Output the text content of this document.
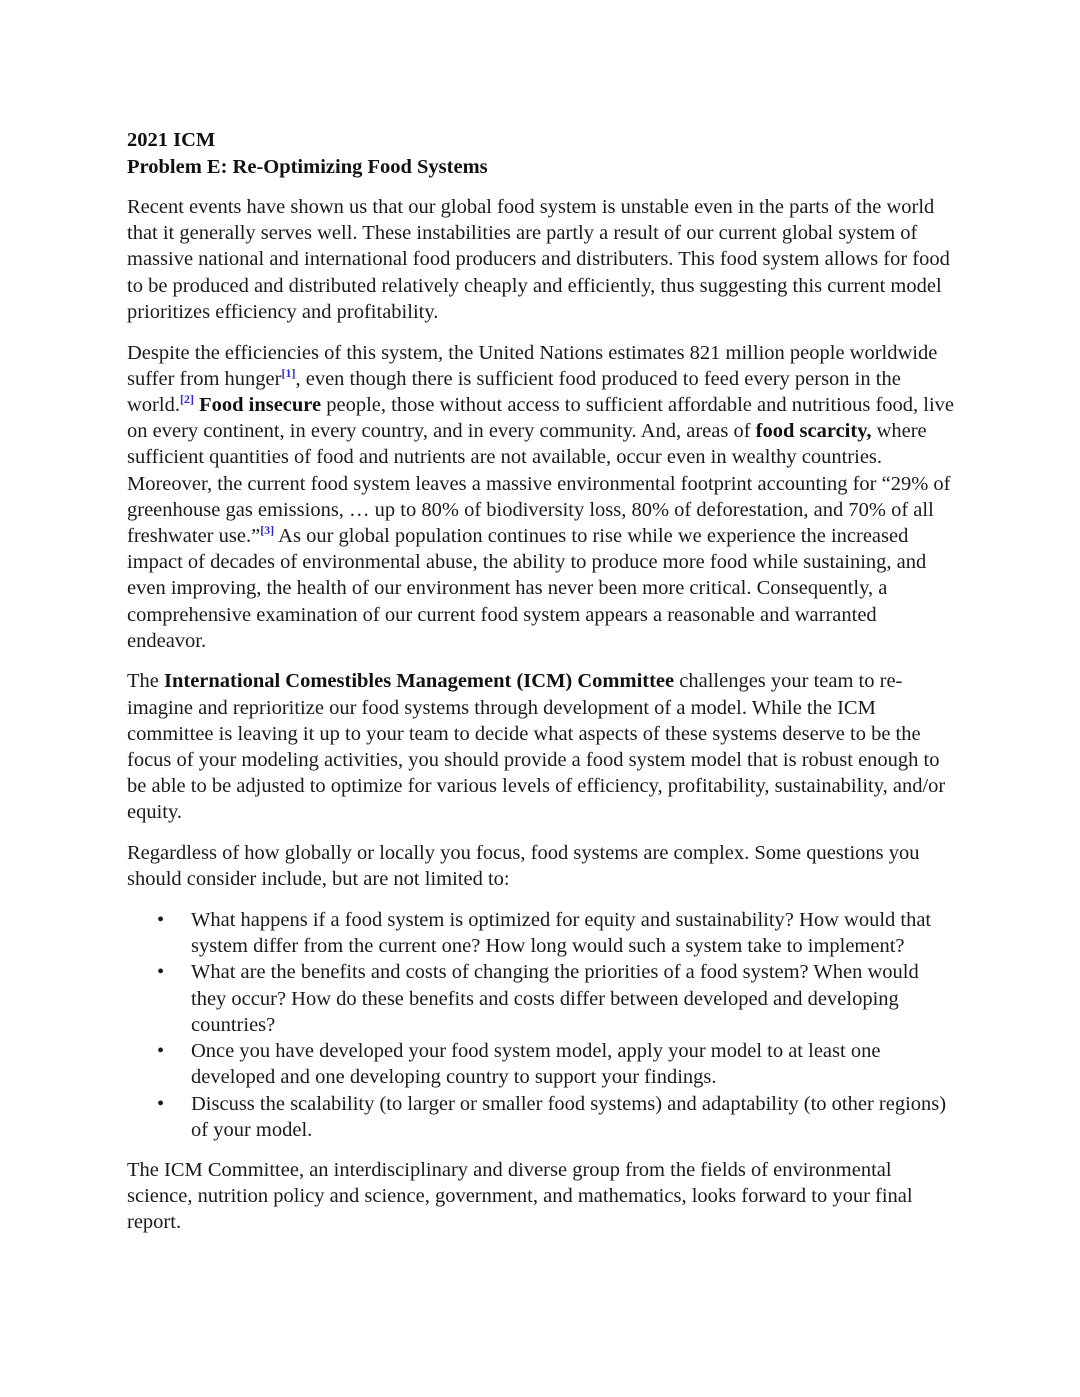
2021 ICM
Problem E: Re-Optimizing Food Systems

Recent events have shown us that our global food system is unstable even in the parts of the world that it generally serves well. These instabilities are partly a result of our current global system of massive national and international food producers and distributers. This food system allows for food to be produced and distributed relatively cheaply and efficiently, thus suggesting this current model prioritizes efficiency and profitability.

Despite the efficiencies of this system, the United Nations estimates 821 million people worldwide suffer from hunger[1], even though there is sufficient food produced to feed every person in the world.[2] Food insecure people, those without access to sufficient affordable and nutritious food, live on every continent, in every country, and in every community. And, areas of food scarcity, where sufficient quantities of food and nutrients are not available, occur even in wealthy countries. Moreover, the current food system leaves a massive environmental footprint accounting for “29% of greenhouse gas emissions, … up to 80% of biodiversity loss, 80% of deforestation, and 70% of all freshwater use.”[3] As our global population continues to rise while we experience the increased impact of decades of environmental abuse, the ability to produce more food while sustaining, and even improving, the health of our environment has never been more critical. Consequently, a comprehensive examination of our current food system appears a reasonable and warranted endeavor.

The International Comestibles Management (ICM) Committee challenges your team to re-imagine and reprioritize our food systems through development of a model. While the ICM committee is leaving it up to your team to decide what aspects of these systems deserve to be the focus of your modeling activities, you should provide a food system model that is robust enough to be able to be adjusted to optimize for various levels of efficiency, profitability, sustainability, and/or equity.

Regardless of how globally or locally you focus, food systems are complex. Some questions you should consider include, but are not limited to:

• What happens if a food system is optimized for equity and sustainability? How would that system differ from the current one? How long would such a system take to implement?
• What are the benefits and costs of changing the priorities of a food system? When would they occur? How do these benefits and costs differ between developed and developing countries?
• Once you have developed your food system model, apply your model to at least one developed and one developing country to support your findings.
• Discuss the scalability (to larger or smaller food systems) and adaptability (to other regions) of your model.

The ICM Committee, an interdisciplinary and diverse group from the fields of environmental science, nutrition policy and science, government, and mathematics, looks forward to your final report.
